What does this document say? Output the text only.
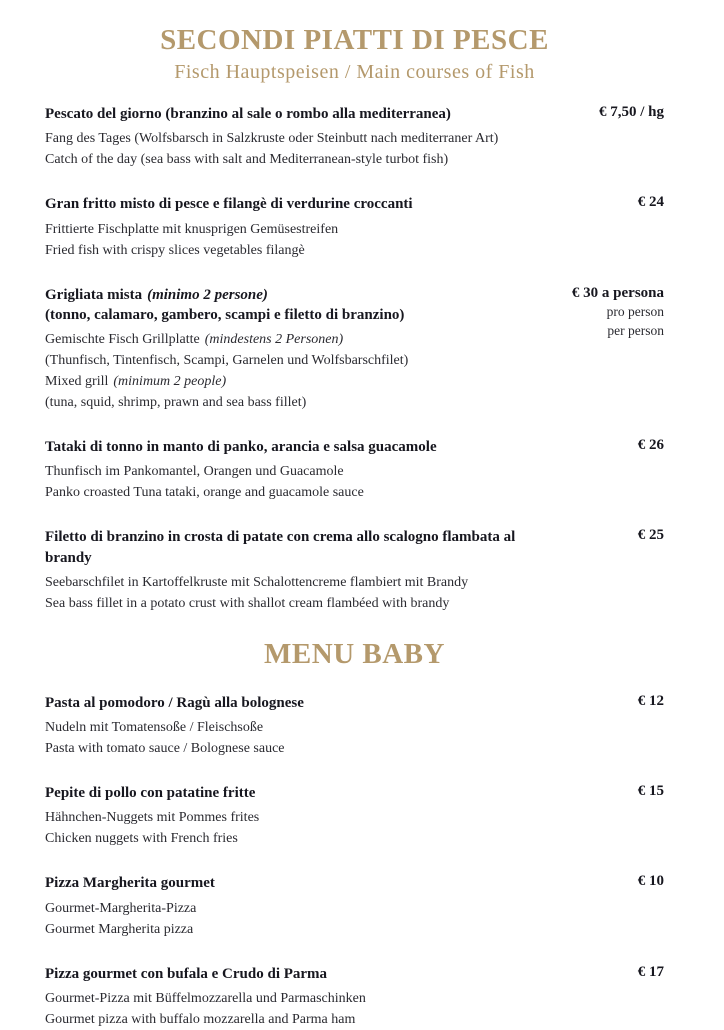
SECONDI PIATTI DI PESCE
Fisch Hauptspeisen / Main courses of Fish
Pescato del giorno (branzino al sale o rombo alla mediterranea)
Fang des Tages (Wolfsbarsch in Salzkruste oder Steinbutt nach mediterraner Art)
Catch of the day (sea bass with salt and Mediterranean-style turbot fish)
€ 7,50 / hg
Gran fritto misto di pesce e filangè di verdurine croccanti
Frittierte Fischplatte mit knusprigen Gemüsestreifen
Fried fish with crispy slices vegetables filangè
€ 24
Grigliata mista (minimo 2 persone)
(tonno, calamaro, gambero, scampi e filetto di branzino)
Gemischte Fisch Grillplatte (mindestens 2 Personen)
(Thunfisch, Tintenfisch, Scampi, Garnelen und Wolfsbarschfilet)
Mixed grill (minimum 2 people)
(tuna, squid, shrimp, prawn and sea bass fillet)
€ 30 a persona
pro person
per person
Tataki di tonno in manto di panko, arancia e salsa guacamole
Thunfisch im Pankomantel, Orangen und Guacamole
Panko croasted Tuna tataki, orange and guacamole sauce
€ 26
Filetto di branzino in crosta di patate con crema allo scalogno flambata al brandy
Seebarschfilet in Kartoffelkruste mit Schalottencreme flambiert mit Brandy
Sea bass fillet in a potato crust with shallot cream flambéed with brandy
€ 25
MENU BABY
Pasta al pomodoro / Ragù alla bolognese
Nudeln mit Tomatensoße / Fleischsoße
Pasta with tomato sauce / Bolognese sauce
€ 12
Pepite di pollo con patatine fritte
Hähnchen-Nuggets mit Pommes frites
Chicken nuggets with French fries
€ 15
Pizza Margherita gourmet
Gourmet-Margherita-Pizza
Gourmet Margherita pizza
€ 10
Pizza gourmet con bufala e Crudo di Parma
Gourmet-Pizza mit Büffelmozzarella und Parmaschinken
Gourmet pizza with buffalo mozzarella and Parma ham
€ 17
